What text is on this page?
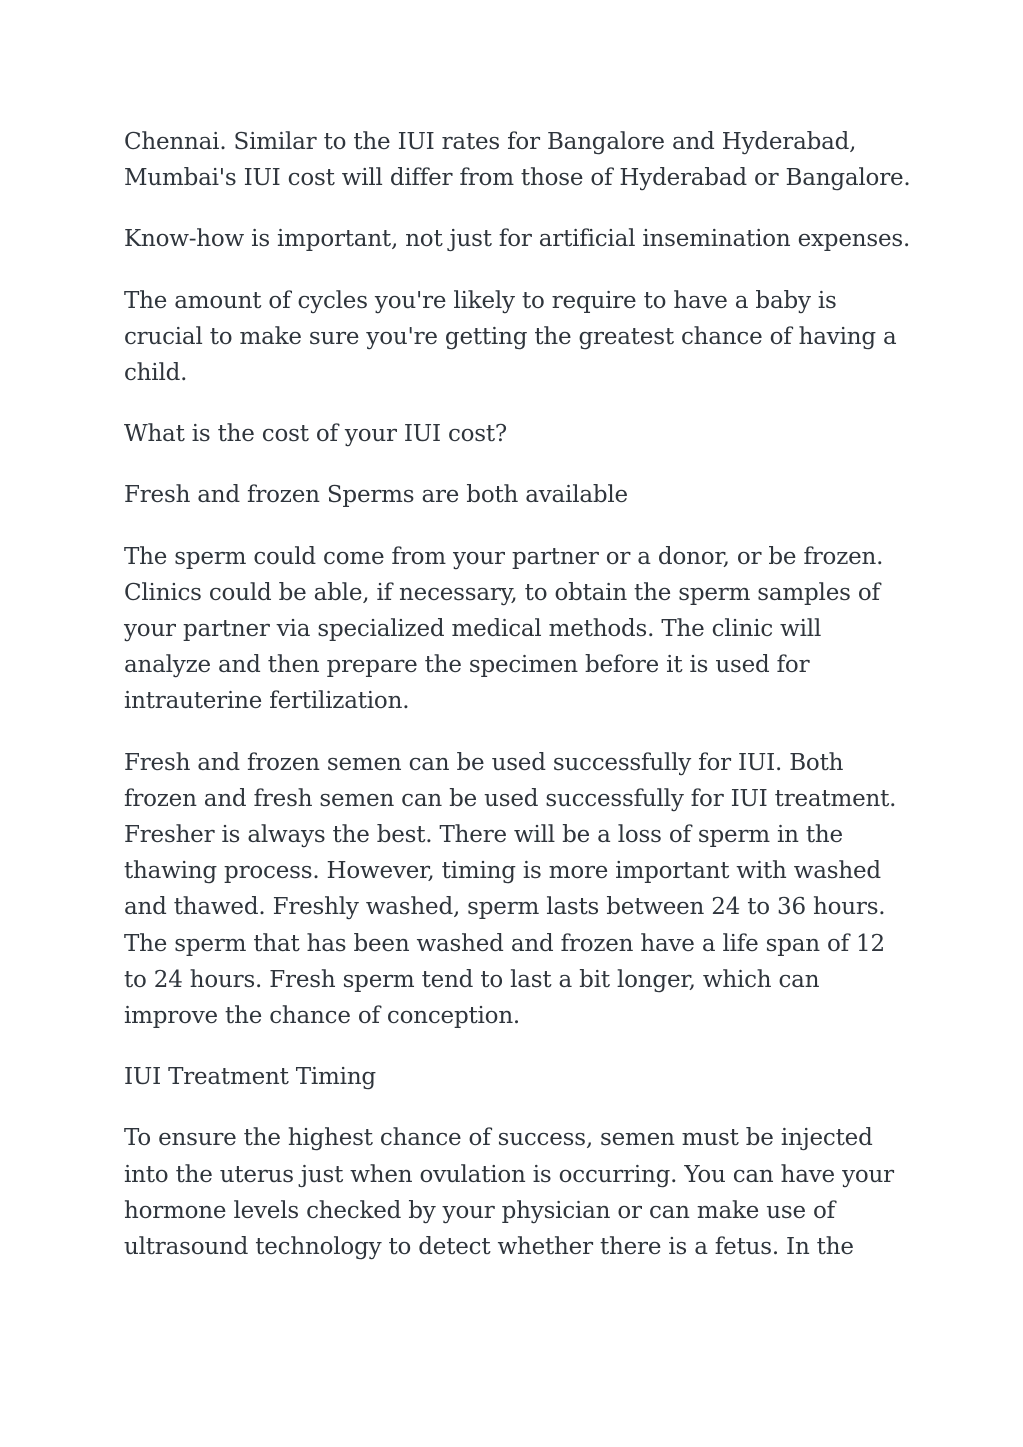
Chennai. Similar to the IUI rates for Bangalore and Hyderabad, Mumbai's IUI cost will differ from those of Hyderabad or Bangalore.

Know-how is important, not just for artificial insemination expenses.

The amount of cycles you're likely to require to have a baby is crucial to make sure you're getting the greatest chance of having a child.

What is the cost of your IUI cost?

Fresh and frozen Sperms are both available

The sperm could come from your partner or a donor, or be frozen. Clinics could be able, if necessary, to obtain the sperm samples of your partner via specialized medical methods. The clinic will analyze and then prepare the specimen before it is used for intrauterine fertilization.

Fresh and frozen semen can be used successfully for IUI. Both frozen and fresh semen can be used successfully for IUI treatment. Fresher is always the best. There will be a loss of sperm in the thawing process. However, timing is more important with washed and thawed. Freshly washed, sperm lasts between 24 to 36 hours. The sperm that has been washed and frozen have a life span of 12 to 24 hours. Fresh sperm tend to last a bit longer, which can improve the chance of conception.

IUI Treatment Timing

To ensure the highest chance of success, semen must be injected into the uterus just when ovulation is occurring. You can have your hormone levels checked by your physician or can make use of ultrasound technology to detect whether there is a fetus. In the
